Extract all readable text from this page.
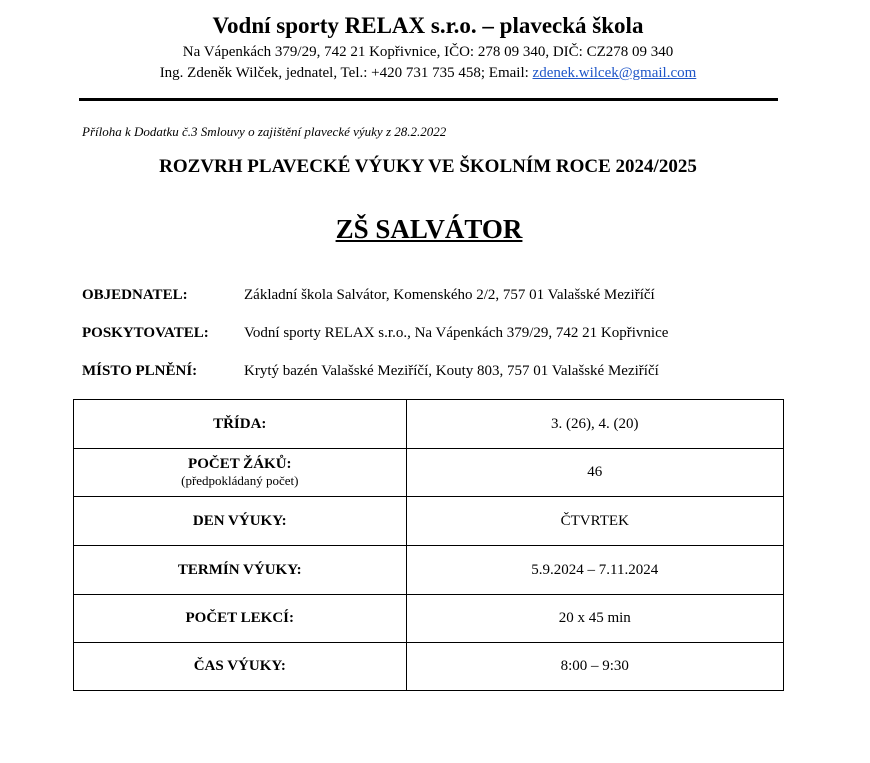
Vodní sporty RELAX s.r.o. – plavecká škola
Na Vápenkách 379/29, 742 21 Kopřivnice, IČO: 278 09 340, DIČ: CZ278 09 340
Ing. Zdeněk Wilček, jednatel, Tel.: +420 731 735 458; Email: zdenek.wilcek@gmail.com
Příloha k Dodatku č.3 Smlouvy o zajištění plavecké výuky z 28.2.2022
ROZVRH PLAVECKÉ VÝUKY VE ŠKOLNÍM ROCE 2024/2025
ZŠ SALVÁTOR
OBJEDNATEL:	Základní škola Salvátor, Komenského 2/2, 757 01 Valašské Meziříčí
POSKYTOVATEL: Vodní sporty RELAX s.r.o., Na Vápenkách 379/29, 742 21 Kopřivnice
MÍSTO PLNĚNÍ:	Krytý bazén Valašské Meziříčí, Kouty 803, 757 01 Valašské Meziříčí
TŘÍDA:	3. (26), 4. (20)
POČET ŽÁKŮ:
(předpokládaný počet)	46
DEN VÝUKY:	ČTVRTEK
TERMÍN VÝUKY:	5.9.2024 – 7.11.2024
POČET LEKCÍ:	20 x 45 min
ČAS VÝUKY:	8:00 – 9:30
